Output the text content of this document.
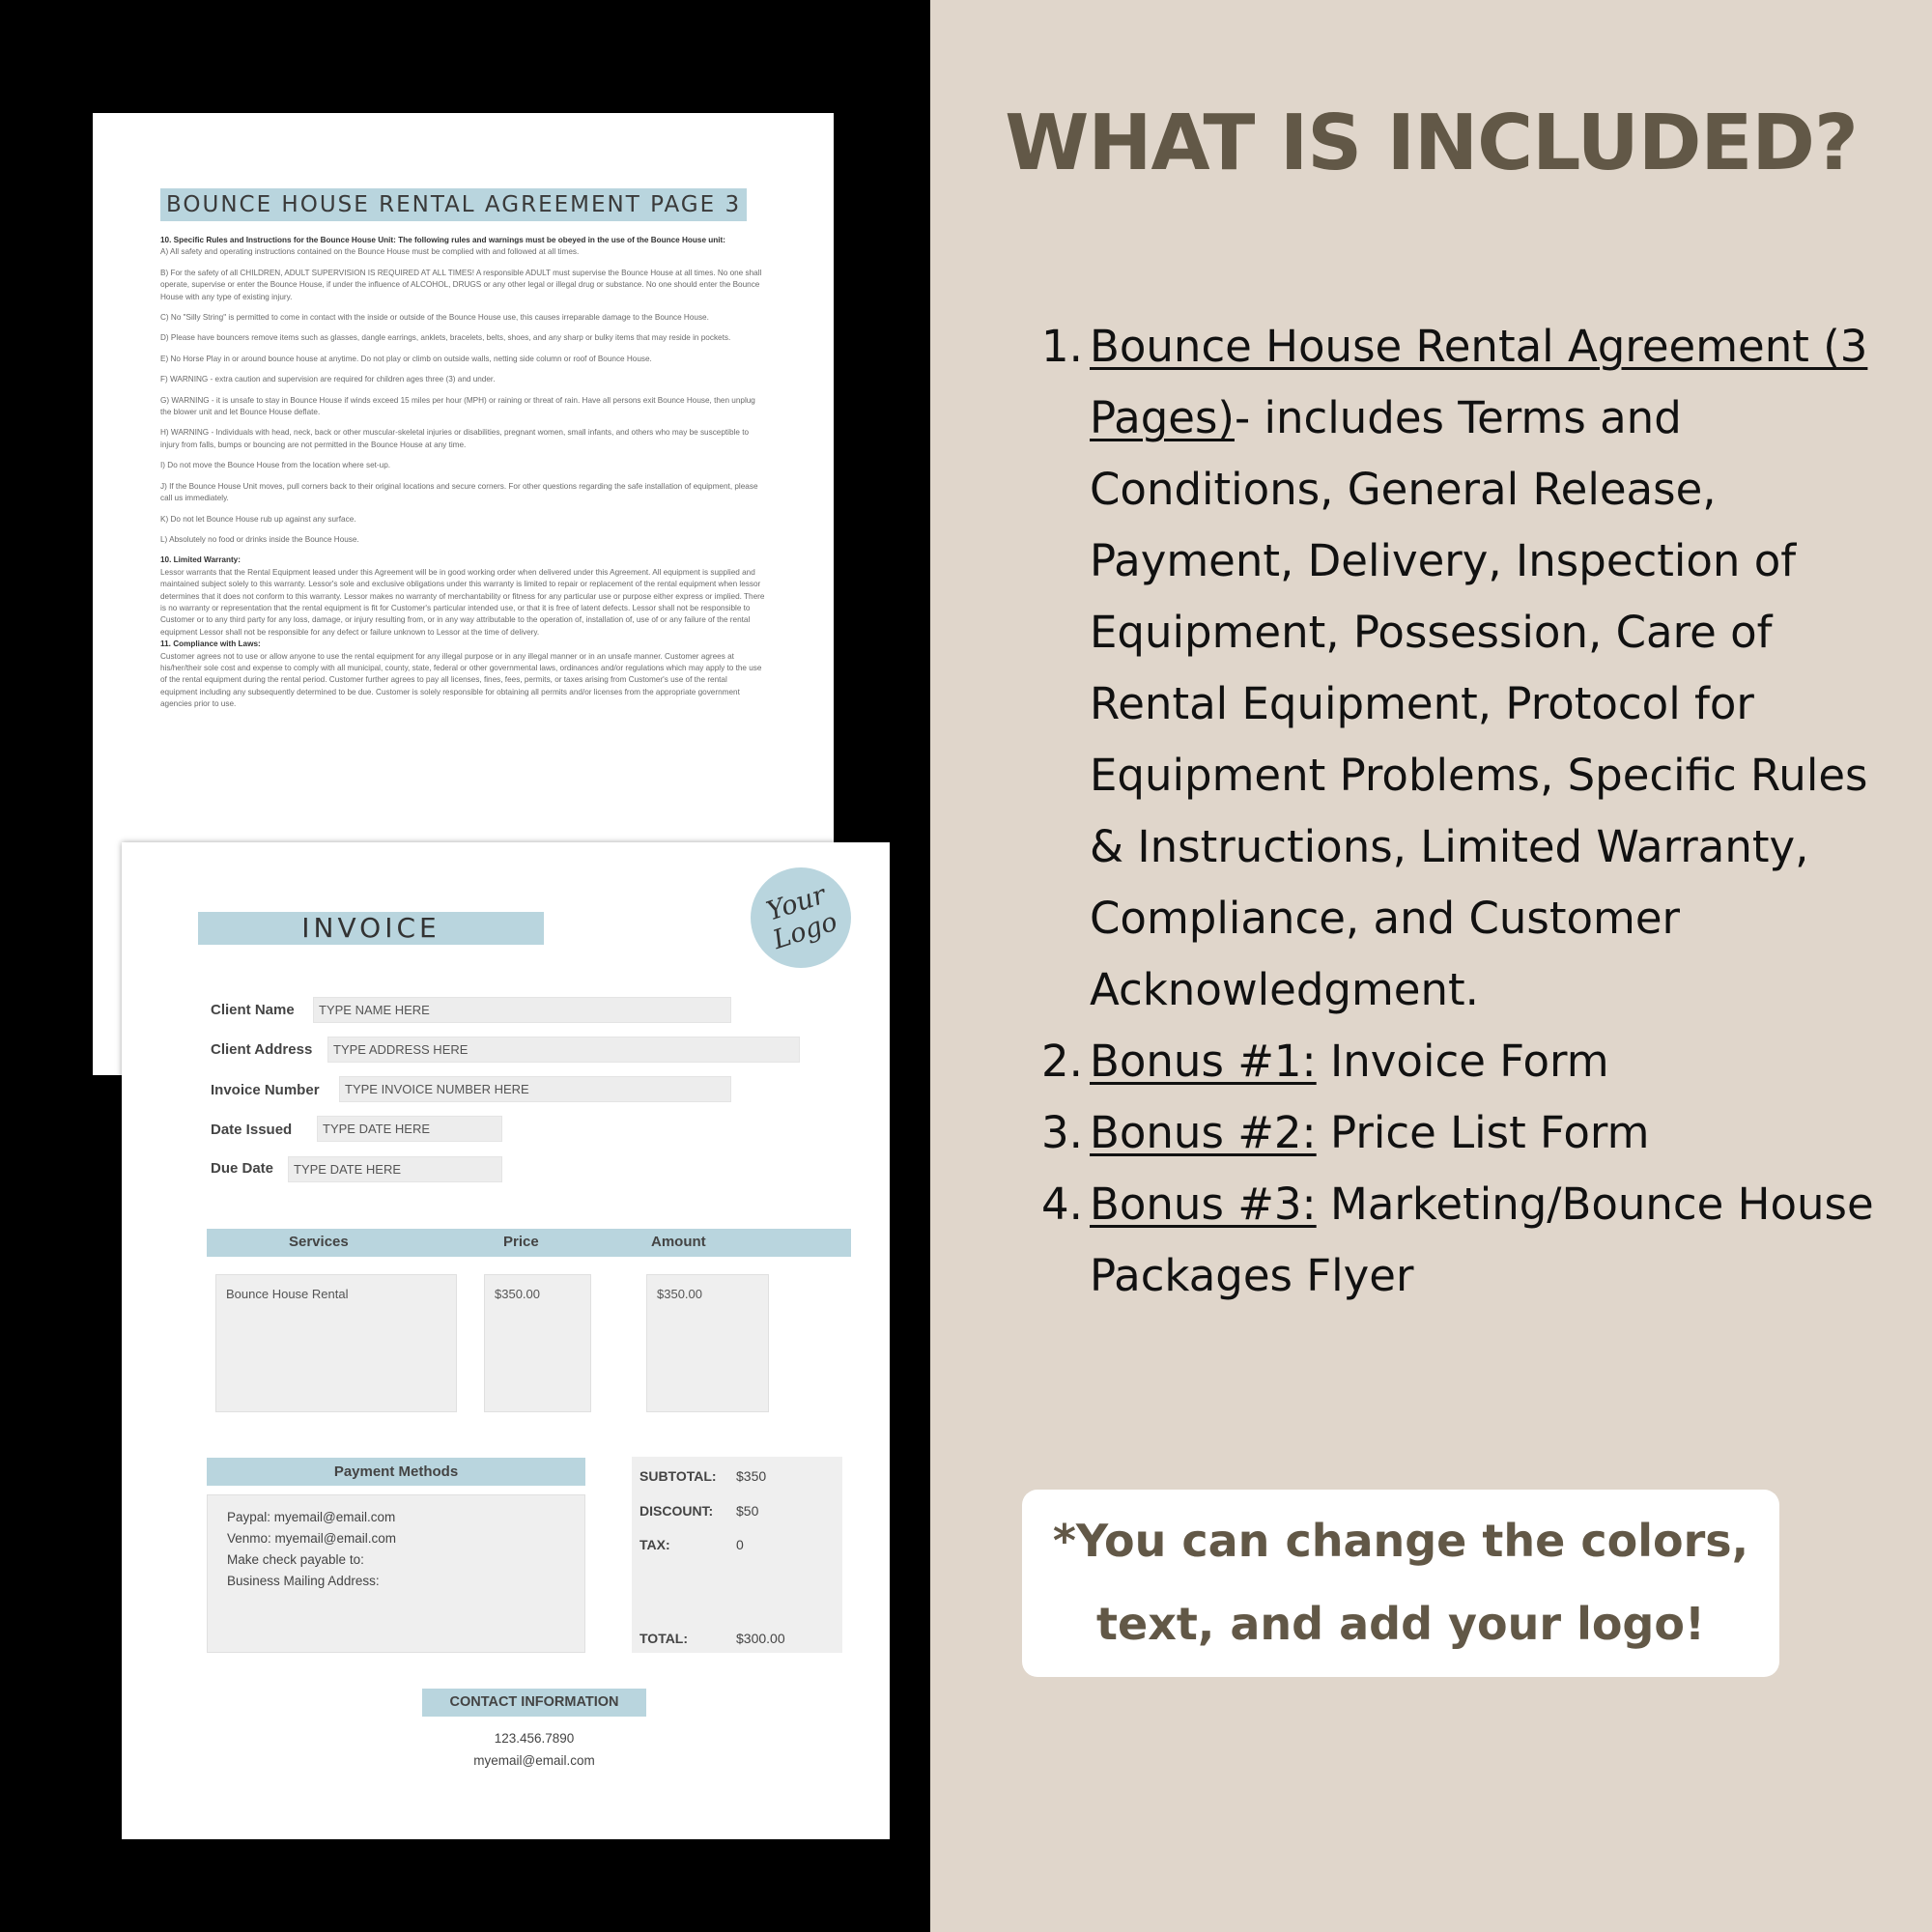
BOUNCE HOUSE RENTAL AGREEMENT PAGE 3

10. Specific Rules and Instructions for the Bounce House Unit: The following rules and warnings must be obeyed in the use of the Bounce House unit:
A) All safety and operating instructions contained on the Bounce House must be complied with and followed at all times.

B) For the safety of all CHILDREN, ADULT SUPERVISION IS REQUIRED AT ALL TIMES! A responsible ADULT must supervise the Bounce House at all times. No one shall operate, supervise or enter the Bounce House, if under the influence of ALCOHOL, DRUGS or any other legal or illegal drug or substance. No one should enter the Bounce House with any type of existing injury.

C) No "Silly String" is permitted to come in contact with the inside or outside of the Bounce House use, this causes irreparable damage to the Bounce House.

D) Please have bouncers remove items such as glasses, dangle earrings, anklets, bracelets, belts, shoes, and any sharp or bulky items that may reside in pockets.

E) No Horse Play in or around bounce house at anytime. Do not play or climb on outside walls, netting side column or roof of Bounce House.

F) WARNING - extra caution and supervision are required for children ages three (3) and under.

G) WARNING - it is unsafe to stay in Bounce House if winds exceed 15 miles per hour (MPH) or raining or threat of rain. Have all persons exit Bounce House, then unplug the blower unit and let Bounce House deflate.

H) WARNING - Individuals with head, neck, back or other muscular-skeletal injuries or disabilities, pregnant women, small infants, and others who may be susceptible to injury from falls, bumps or bouncing are not permitted in the Bounce House at any time.

I) Do not move the Bounce House from the location where set-up.

J) If the Bounce House Unit moves, pull corners back to their original locations and secure corners. For other questions regarding the safe installation of equipment, please call us immediately.

K) Do not let Bounce House rub up against any surface.

L) Absolutely no food or drinks inside the Bounce House.

10. Limited Warranty:
Lessor warrants that the Rental Equipment leased under this Agreement will be in good working order when delivered under this Agreement. All equipment is supplied and maintained subject solely to this warranty. Lessor's sole and exclusive obligations under this warranty is limited to repair or replacement of the rental equipment when lessor determines that it does not conform to this warranty. Lessor makes no warranty of merchantability or fitness for any particular use or purpose either express or implied. There is no warranty or representation that the rental equipment is fit for Customer's particular intended use, or that it is free of latent defects. Lessor shall not be responsible to Customer or to any third party for any loss, damage, or injury resulting from, or in any way attributable to the operation of, installation of, use of or any failure of the rental equipment Lessor shall not be responsible for any defect or failure unknown to Lessor at the time of delivery.

11. Compliance with Laws:
Customer agrees not to use or allow anyone to use the rental equipment for any illegal purpose or in any illegal manner or in an unsafe manner. Customer agrees at his/her/their sole cost and expense to comply with all municipal, county, state, federal or other governmental laws, ordinances and/or regulations which may apply to the use of the rental equipment during the rental period. Customer further agrees to pay all licenses, fines, fees, permits, or taxes arising from Customer's use of the rental equipment including any subsequently determined to be due. Customer is solely responsible for obtaining all permits and/or licenses from the appropriate government agencies prior to use.

INVOICE
Your Logo
Client Name	TYPE NAME HERE
Client Address	TYPE ADDRESS HERE
Invoice Number	TYPE INVOICE NUMBER HERE
Date Issued	TYPE DATE HERE
Due Date	TYPE DATE HERE
Services	Price	Amount
Bounce House Rental	$350.00	$350.00
Payment Methods
Paypal: myemail@email.com
Venmo: myemail@email.com
Make check payable to:
Business Mailing Address:
SUBTOTAL: $350
DISCOUNT: $50
TAX:	0
TOTAL:	$300.00
CONTACT INFORMATION
123.456.7890
myemail@email.com
WHAT IS INCLUDED?
1. Bounce House Rental Agreement (3 Pages)- includes Terms and Conditions, General Release, Payment, Delivery, Inspection of Equipment, Possession, Care of Rental Equipment, Protocol for Equipment Problems, Specific Rules & Instructions, Limited Warranty, Compliance, and Customer Acknowledgment.
2. Bonus #1: Invoice Form
3. Bonus #2: Price List Form
4. Bonus #3: Marketing/Bounce House Packages Flyer
*You can change the colors,
text, and add your logo!
